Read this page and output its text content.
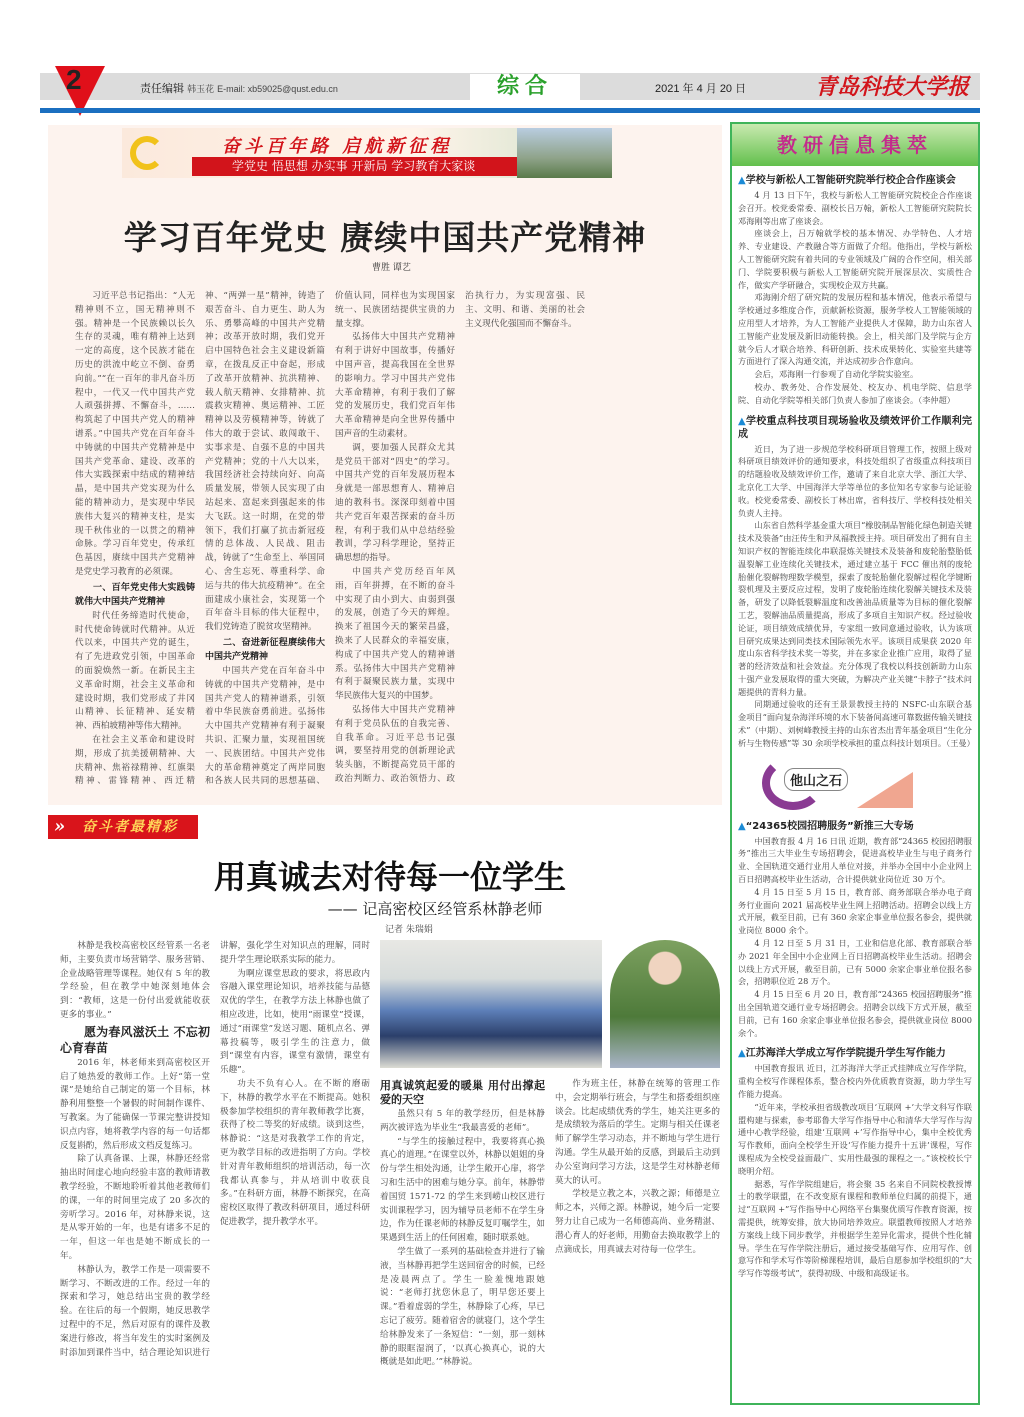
2	责任编辑 韩玉花 E-mail: xb59025@qust.edu.cn	综合	2021 年 4 月 20 日	青岛科技大学报
奋斗百年路 启航新征程
学党史 悟思想 办实事 开新局 学习教育大家谈
学习百年党史 赓续中国共产党精神
曹胜 谭艺

习近平总书记指出：“人无精神则不立，国无精神则不强。精神是一个民族赖以长久生存的灵魂，唯有精神上达到一定的高度，这个民族才能在历史的洪流中屹立不倒、奋勇向前。”“在一百年的非凡奋斗历程中，一代又一代中国共产党人顽强拼搏、不懈奋斗，……构筑起了中国共产党人的精神谱系。”中国共产党在百年奋斗中铸就的中国共产党精神是中国共产党革命、建设、改革的伟大实践探索中结成的精神结晶，是中国共产党实现为什么能的精神动力，是实现中华民族伟大复兴的精神支柱，是实现千秋伟业的一以贯之的精神命脉。学习百年党史，传承红色基因，赓续中国共产党精神是党史学习教育的必须课。

一、百年党史伟大实践铸就伟大中国共产党精神

时代任务缔造时代使命，时代使命铸就时代精神。从近代以来，中国共产党的诞生，有了先进政党引领，中国革命的面貌焕然一新。在新民主主义革命时期，社会主义革命和建设时期，我们党形成了井冈山精神、长征精神、延安精神、西柏坡精神等伟大精神。

在社会主义革命和建设时期，形成了抗美援朝精神、大庆精神、焦裕禄精神、红旗渠精神、雷锋精神、西迁精神、“两弹一星”精神，铸造了艰苦奋斗、自力更生、助人为乐、勇攀高峰的中国共产党精神；改革开放时期，我们党开启中国特色社会主义建设新篇章，在拨乱反正中奋起，形成了改革开放精神、抗洪精神、载人航天精神、女排精神、抗震救灾精神、奥运精神、工匠精神以及劳模精神等，铸就了伟大的敢于尝试、敢闯敢干、实事求是、自强不息的中国共产党精神；党的十八大以来，我国经济社会持续向好、向高质量发展，带领人民实现了由站起来、富起来到强起来的伟大飞跃。这一时期，在党的带领下，我们打赢了抗击新冠疫情的总体战、人民战、阻击战，铸就了“生命至上、举国同心、舍生忘死、尊重科学、命运与共的伟大抗疫精神”。在全面建成小康社会，实现第一个百年奋斗目标的伟大征程中，我们党铸造了脱贫攻坚精神。

二、奋进新征程赓续伟大中国共产党精神

中国共产党在百年奋斗中铸就的中国共产党精神，是中国共产党人的精神谱系，引领着中华民族奋勇前进。弘扬伟大中国共产党精神有利于凝聚共识、汇聚力量，实现祖国统一、民族团结。中国共产党伟大的革命精神奠定了两岸同胞和各族人民共同的思想基础、价值认同，同样也为实现国家统一、民族团结提供宝贵的力量支撑。

弘扬伟大中国共产党精神有利于讲好中国故事，传播好中国声音，提高我国在全世界的影响力。学习中国共产党伟大革命精神，有利于我们了解党的发展历史，我们党百年伟大革命精神是向全世界传播中国声音的生动素材。

调，要加强人民群众尤其是党员干部对“四史”的学习。中国共产党的百年发展历程本身就是一部思想育人、精神启迪的教科书。深深印刻着中国共产党百年艰苦探索的奋斗历程，有利于我们从中总结经验教训，学习科学理论，坚持正确思想的指导。

中国共产党历经百年风雨，百年拼搏，在不断的奋斗中实现了由小到大、由弱到强的发展，创造了今天的辉煌。换来了祖国今天的繁荣昌盛，换来了人民群众的幸福安康，构成了中国共产党人的精神谱系。弘扬伟大中国共产党精神有利于凝聚民族力量，实现中华民族伟大复兴的中国梦。

弘扬伟大中国共产党精神有利于党员队伍的自我完善、自我革命。习近平总书记强调，要坚持用党的创新理论武装头脑，不断提高党员干部的政治判断力、政治领悟力、政治执行力，为实现富强、民主、文明、和谐、美丽的社会主义现代化强国而不懈奋斗。

» 奋斗者最精彩
用真诚去对待每一位学生
—— 记高密校区经管系林静老师
记者 朱瑞娟

林静是我校高密校区经管系一名老师，主要负责市场营销学、服务营销、企业战略管理等课程。她仅有 5 年的教学经验，但在教学中她深刻地体会到：“教师，这是一份付出爱就能收获更多的事业。”

愿为春风滋沃土 不忘初心育春苗

2016 年，林老师来到高密校区开启了她热爱的教师工作。上好“第一堂课”是她给自己制定的第一个目标，林静利用整整一个暑假的时间制作课件、写教案。为了能确保一节课完整讲授知识点内容，她将教学内容的每一句话都反复斟酌，然后形成文档反复练习。

除了认真备课、上课，林静还经常抽出时间虚心地向经验丰富的教师请教教学经验，不断地聆听着其他老教师们的课，一年的时间里完成了 20 多次的旁听学习。2016 年，对林静来说，这是从零开始的一年，也是有诸多不足的一年，但这一年也是她不断成长的一年。

林静认为，教学工作是一项需要不断学习、不断改进的工作。经过一年的探索和学习，她总结出宝贵的教学经验。在往后的每一个假期，她反思教学过程中的不足，然后对原有的课件及教案进行修改，将当年发生的实时案例及时添加到课件当中，结合理论知识进行讲解，强化学生对知识点的理解，同时提升学生理论联系实际的能力。

为啊应课堂思政的要求，将思政内容融入课堂理论知识，培养技能与品德双优的学生，在教学方法上林静也做了相应改进，比如，使用“雨课堂”授课，通过“雨课堂”发送习题、随机点名、弹幕投稿等，吸引学生的注意力，做到“课堂有内容，课堂有激情，课堂有乐趣”。

功夫不负有心人。在不断的磨砺下，林静的教学水平在不断提高。她积极参加学校组织的青年教师教学比赛，获得了校二等奖的好成绩。谈到这些，林静说：“这是对我教学工作的肯定，更为教学目标的改进指明了方向。学校针对青年教师组织的培训活动，每一次我都认真参与，并从培训中收获良多。”在科研方面，林静不断探究，在高密校区取得了教改科研项目，通过科研促进教学，提升教学水平。

用真诚筑起爱的暖巢 用付出撑起爱的天空

虽然只有 5 年的教学经历，但是林静两次被评选为毕业生“我最喜爱的老师”。

“与学生的接触过程中，我要将真心换真心的道理。”在课堂以外，林静以姐姐的身份与学生相处沟通，让学生敞开心扉，将学习和生活中的困难与她分享。前年，林静带着国贸 1571-72 的学生来到崂山校区进行实训课程学习，因为辅导员老师不在学生身边，作为任课老师的林静反复叮嘱学生，如果遇到生活上的任何困难，随时联系她。

学生做了一系列的基础检查并进行了输液，当林静再把学生送回宿舍的时候，已经是凌晨两点了。学生一脸羞愧地跟她说：“老师打扰您休息了，明早您还要上课。”看着虚弱的学生，林静除了心疼，早已忘记了疲劳。随着宿舍的就寝门，这个学生给林静发来了一条短信：“一刻，那一刻林静的眼眶湿润了，‘以真心换真心，说的大概就是如此吧。’”林静说。

作为班主任，林静在统筹的管理工作中，会定期举行班会，与学生和搭委组织座谈会。比起成绩优秀的学生，她关注更多的是成绩较为落后的学生。定期与相关任课老师了解学生学习动态，并不断地与学生进行沟通。学生从最开始的反感，到最后主动到办公室询问学习方法，这是学生对林静老师莫大的认可。

学校是立教之本，兴教之源；师德是立师之本，兴师之源。林静说，她今后一定要努力让自己成为一名师德高尚、业务精湛、潜心育人的好老师，用勤奋去换取教学上的点滴成长，用真诚去对待每一位学生。

教研信息集萃
▲学校与新松人工智能研究院举行校企合作座谈会

4 月 13 日下午，我校与新松人工智能研究院校企合作座谈会召开。校党委常委、副校长吕万翰，新松人工智能研究院院长邓海刚等出席了座谈会。

座谈会上，吕万翰就学校的基本情况、办学特色、人才培养、专业建设、产教融合等方面做了介绍。他指出，学校与新松人工智能研究院有着共同的专业领域及广阔的合作空间，相关部门、学院要积极与新松人工智能研究院开展深层次、实质性合作，做实产学研融合，实现校企双方共赢。

邓海刚介绍了研究院的发展历程和基本情况，他表示希望与学校通过多维度合作，贡献新松资源，服务学校人工智能领域的应用型人才培养，为人工智能产业提供人才保障，助力山东省人工智能产业发展及新旧动能转换。会上，相关部门及学院与企方就今后人才联合培养、科研创新、技术成果转化、实验室共建等方面进行了深入沟通交流，并达成初步合作意向。

会后，邓海刚一行参观了自动化学院实验室。

校办、教务处、合作发展处、校友办、机电学院、信息学院、自动化学院等相关部门负责人参加了座谈会。（李仲超）

▲学校重点科技项目现场验收及绩效评价工作顺利完成

近日，为了进一步规范学校科研项目管理工作，按照上级对科研项目绩效评价的通知要求，科技处组织了省级重点科技项目的结题验收及绩效评价工作，邀请了来自北京大学、浙江大学、北京化工大学、中国海洋大学等单位的多位知名专家参与论证验收。校党委常委、副校长丁林出席，省科技厅、学校科技处相关负责人主持。

山东省自然科学基金重大项目“橡胶制品智能化绿色制造关键技术及装备”由汪传生和尹凤福教授主持。项目研发出了拥有自主知识产权的智能连续化串联混炼关键技术及装备和废轮胎整胎低温裂解工业连续化关键技术，通过建立基于 FCC 催出剂的废轮胎催化裂解物理数学模型，探索了废轮胎催化裂解过程化学键断裂机理及主要反应过程，发明了废轮胎连续化裂解关键技术及装备，研发了以降低裂解温度和改善油品质量等为目标的催化裂解工艺，裂解油品质量提高，形成了多项自主知识产权。经过验收论证，项目绩效成绩优异，专家组一致同意通过验收，认为该项目研究成果达到同类技术国际领先水平。该项目成果获 2020 年度山东省科学技术奖一等奖，并在多家企业推广应用，取得了显著的经济效益和社会效益。充分体现了我校以科技创新助力山东十强产业发展取得的重大突破，为解决产业关键“卡脖子”技术问题提供的青科力量。

同期通过验收的还有王景景教授主持的 NSFC-山东联合基金项目“面向复杂海洋环境的水下装备间高速可靠数据传输关键技术”（中期）、刘树峰教授主持的山东省杰出青年基金项目“生化分析与生物传感”等 30 余项学校承担的重点科技计划项目。（王曼）

他山之石
▲“24365校园招聘服务”新推三大专场

中国教育报 4 月 16 日讯 近期，教育部“24365 校园招聘服务”推出三大毕业生专场招聘会，促进高校毕业生与电子商务行业、全国轨道交通行业用人单位对接，并举办全国中小企业网上百日招聘高校毕业生活动，合计提供就业岗位近 30 万个。

4 月 15 日至 5 月 15 日，教育部、商务部联合举办电子商务行业面向 2021 届高校毕业生网上招聘活动。招聘会以线上方式开展，截至目前，已有 360 余家企事业单位报名参会，提供就业岗位 8000 余个。

4 月 12 日至 5 月 31 日，工业和信息化部、教育部联合举办 2021 年全国中小企业网上百日招聘高校毕业生活动。招聘会以线上方式开展，截至目前，已有 5000 余家企事业单位报名参会，招聘职位近 28 万个。

4 月 15 日至 6 月 20 日，教育部“24365 校园招聘服务”推出全国轨道交通行业专场招聘会。招聘会以线下方式开展，截至目前，已有 160 余家企事业单位报名参会，提供就业岗位 8000 余个。

▲江苏海洋大学成立写作学院提升学生写作能力

中国教育报讯 近日，江苏海洋大学正式挂牌成立写作学院，重构全校写作课程体系，整合校内外优质教育资源，助力学生写作能力提高。

“近年来，学校承担省级教改项目‘互联网 +’大学文科写作联盟构建与探索，参考耶鲁大学写作指导中心和清华大学写作与沟通中心教学经验，组建‘互联网 +’写作指导中心，集中全校优秀写作教师，面向全校学生开设‘写作能力提升十五讲’课程，写作课程成为全校受益面最广、实用性最强的课程之一。”该校校长宁晓明介绍。

据悉，写作学院组建后，将会聚 35 名来自不同院校教授博士的教学联盟，在不改变原有课程和教师单位归属的前提下，通过“互联网 +”写作指导中心网络平台集聚优质写作教育资源，按需提供，统筹安排，放大协同培养效应。联盟教师按照人才培养方案线上线下同步教学，并根据学生差异化需求，提供个性化辅导。学生在写作学院注册后，通过接受基础写作、应用写作、创意写作和学术写作等阶梯课程培训，最后自愿参加学校组织的“大学写作等级考试”，获得初级、中级和高级证书。
